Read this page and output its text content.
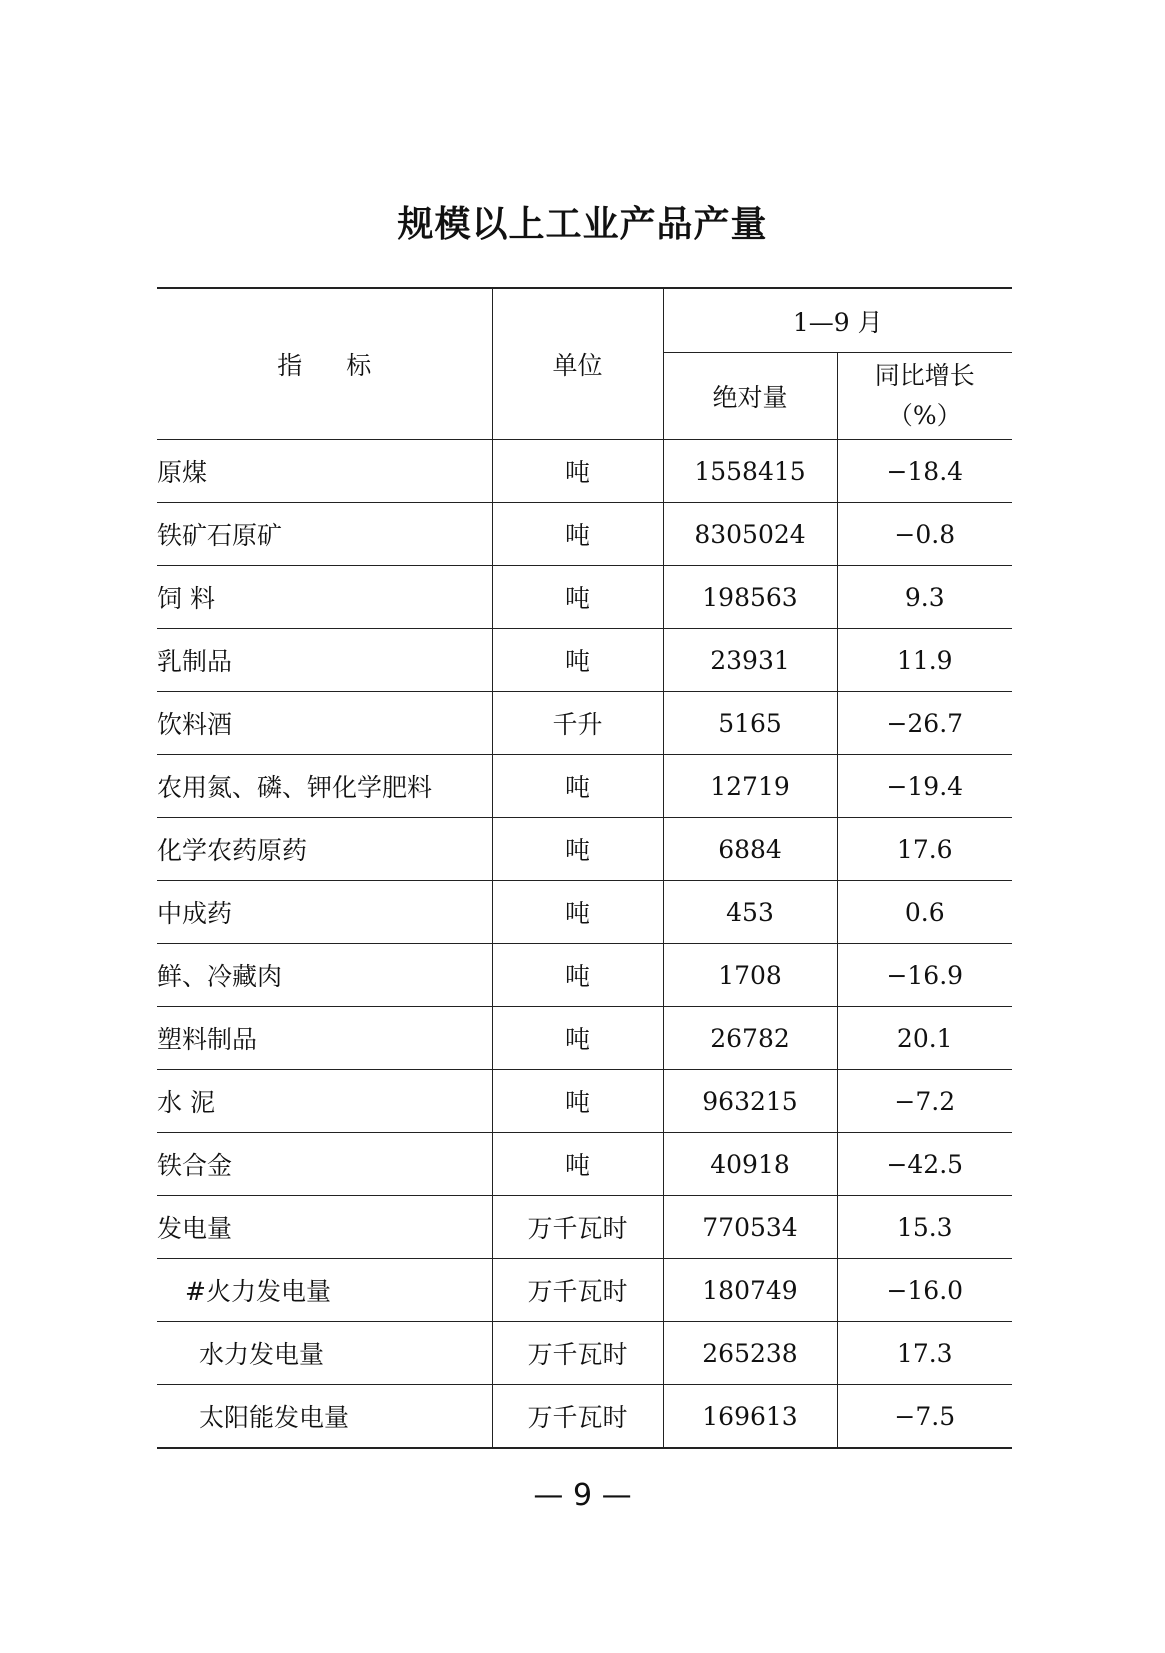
规模以上工业产品产量
指标	单位	1—9 月	
		绝对量	同比增长
（%）

原煤	吨	1558415	−18.4
铁矿石原矿	吨	8305024	−0.8
饲 料	吨	198563	9.3
乳制品	吨	23931	11.9
饮料酒	千升	5165	−26.7
农用氮、磷、钾化学肥料	吨	12719	−19.4
化学农药原药	吨	6884	17.6
中成药	吨	453	0.6
鲜、冷藏肉	吨	1708	−16.9
塑料制品	吨	26782	20.1
水 泥	吨	963215	−7.2
铁合金	吨	40918	−42.5
发电量	万千瓦时	770534	15.3
#火力发电量	万千瓦时	180749	−16.0
水力发电量	万千瓦时	265238	17.3
太阳能发电量	万千瓦时	169613	−7.5
— 9 —
